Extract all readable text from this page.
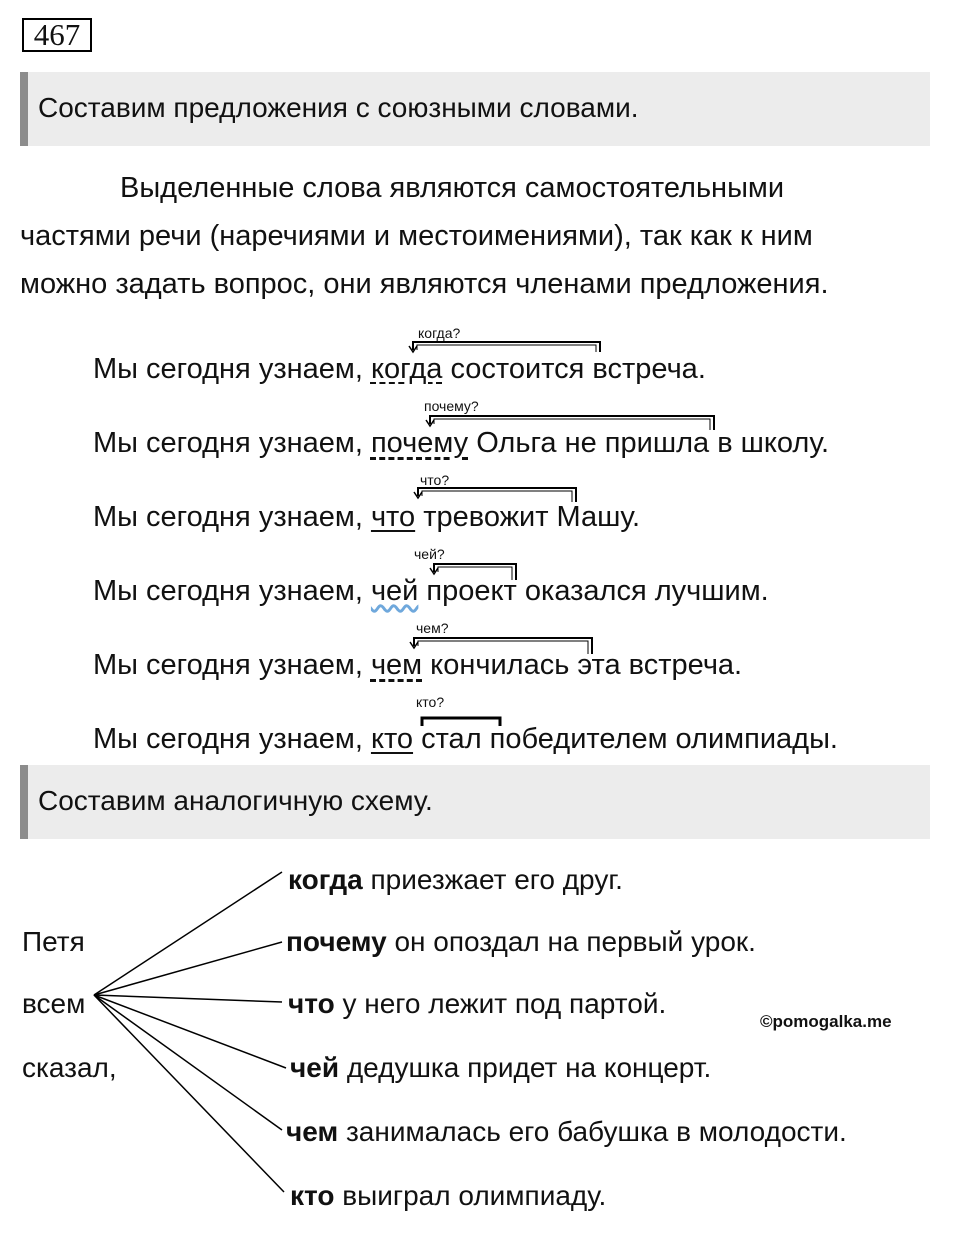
467
Составим предложения с союзными словами.
Выделенные слова являются самостоятельными
частями речи (наречиями и местоимениями), так как к ним
можно задать вопрос, они являются членами предложения.
когда?
Мы сегодня узнаем, когда состоится встреча.
почему?
Мы сегодня узнаем, почему Ольга не пришла в школу.
что?
Мы сегодня узнаем, что тревожит Машу.
чей?
Мы сегодня узнаем, чей проект оказался лучшим.
чем?
Мы сегодня узнаем, чем кончилась эта встреча.
кто?
Мы сегодня узнаем, кто стал победителем олимпиады.
Составим аналогичную схему.
Петя
всем
сказал,
когда приезжает его друг.
почему он опоздал на первый урок.
что у него лежит под партой.
чей дедушка придет на концерт.
чем занималась его бабушка в молодости.
кто выиграл олимпиаду.
©pomogalka.me
